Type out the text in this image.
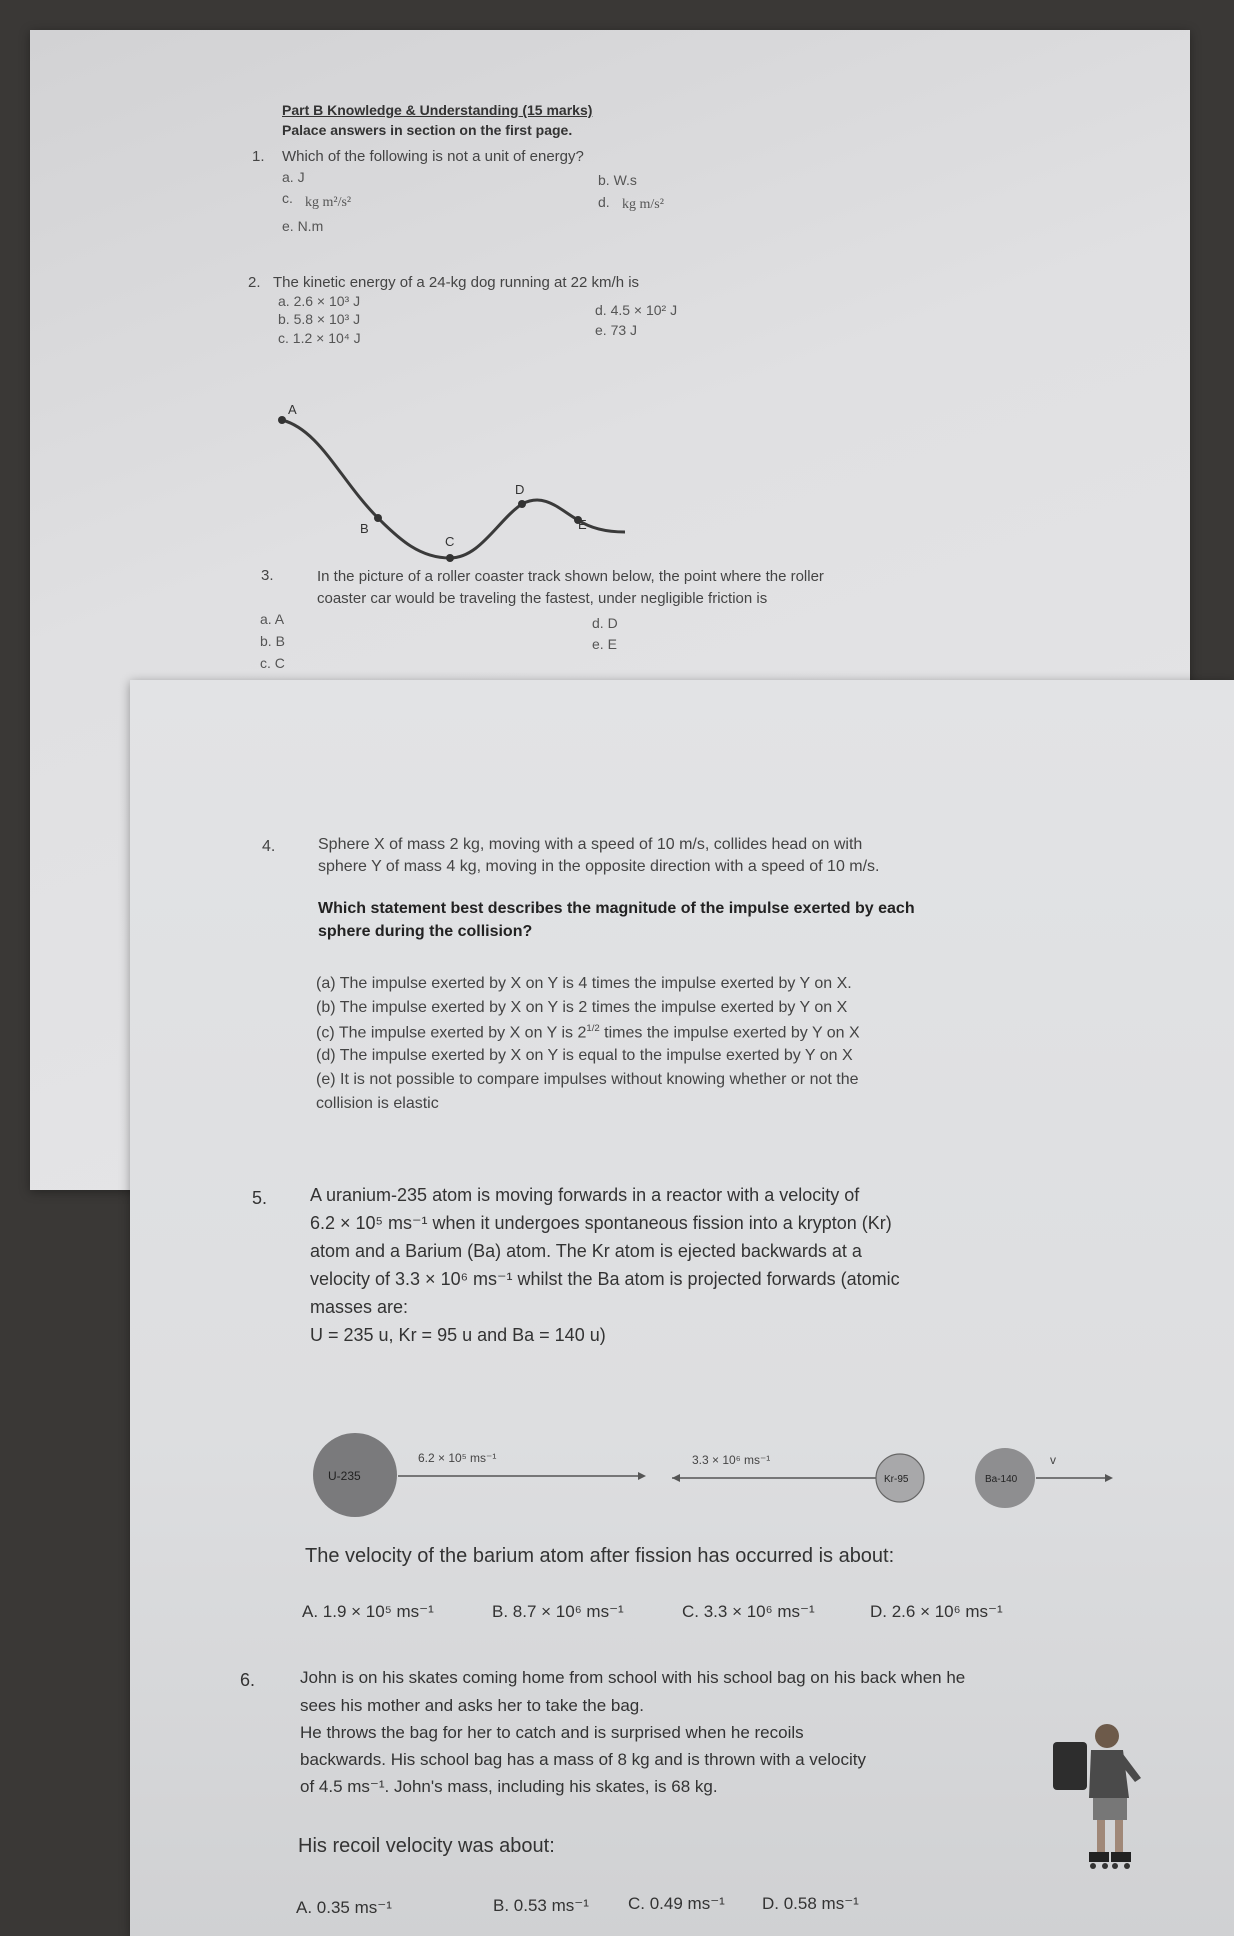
Part B Knowledge & Understanding (15 marks)
Palace answers in section on the first page.
1. Which of the following is not a unit of energy?
a. J	b. W.s
c. kg m²/s²	d. kg m/s²
e. N.m
2. The kinetic energy of a 24-kg dog running at 22 km/h is
a. 2.6 × 10³ J
b. 5.8 × 10³ J
c. 1.2 × 10⁴ J
d. 4.5 × 10² J
e. 73 J
A
B
C
D
E
3.	In the picture of a roller coaster track shown below, the point where the roller
coaster car would be traveling the fastest, under negligible friction is
a. A
b. B
c. C
d. D
e. E
4.	Sphere X of mass 2 kg, moving with a speed of 10 m/s, collides head on with
sphere Y of mass 4 kg, moving in the opposite direction with a speed of 10 m/s.
Which statement best describes the magnitude of the impulse exerted by each
sphere during the collision?
(a) The impulse exerted by X on Y is 4 times the impulse exerted by Y on X.
(b) The impulse exerted by X on Y is 2 times the impulse exerted by Y on X
(c) The impulse exerted by X on Y is $2^{1/2}$ times the impulse exerted by Y on X
(d) The impulse exerted by X on Y is equal to the impulse exerted by Y on X
(e) It is not possible to compare impulses without knowing whether or not the
collision is elastic
5. A uranium-235 atom is moving forwards in a reactor with a velocity of
6.2 × 10⁵ ms⁻¹ when it undergoes spontaneous fission into a krypton (Kr)
atom and a Barium (Ba) atom. The Kr atom is ejected backwards at a
velocity of 3.3 × 10⁶ ms⁻¹ whilst the Ba atom is projected forwards (atomic
masses are:
U = 235 u, Kr = 95 u and Ba = 140 u)
U-235
6.2 × 10⁵ ms⁻¹	3.3 × 10⁶ ms⁻¹
Kr-95	Ba-140
v
The velocity of the barium atom after fission has occurred is about:
A. 1.9 × 10⁵ ms⁻¹	B. 8.7 × 10⁶ ms⁻¹	C. 3.3 × 10⁶ ms⁻¹	D. 2.6 × 10⁶ ms⁻¹
6.	John is on his skates coming home from school with his school bag on his back when he
sees his mother and asks her to take the bag.
He throws the bag for her to catch and is surprised when he recoils
backwards. His school bag has a mass of 8 kg and is thrown with a velocity
of 4.5 ms⁻¹. John's mass, including his skates, is 68 kg.
His recoil velocity was about:
A. 0.35 ms⁻¹	B. 0.53 ms⁻¹ C. 0.49 ms⁻¹ D. 0.58 ms⁻¹
